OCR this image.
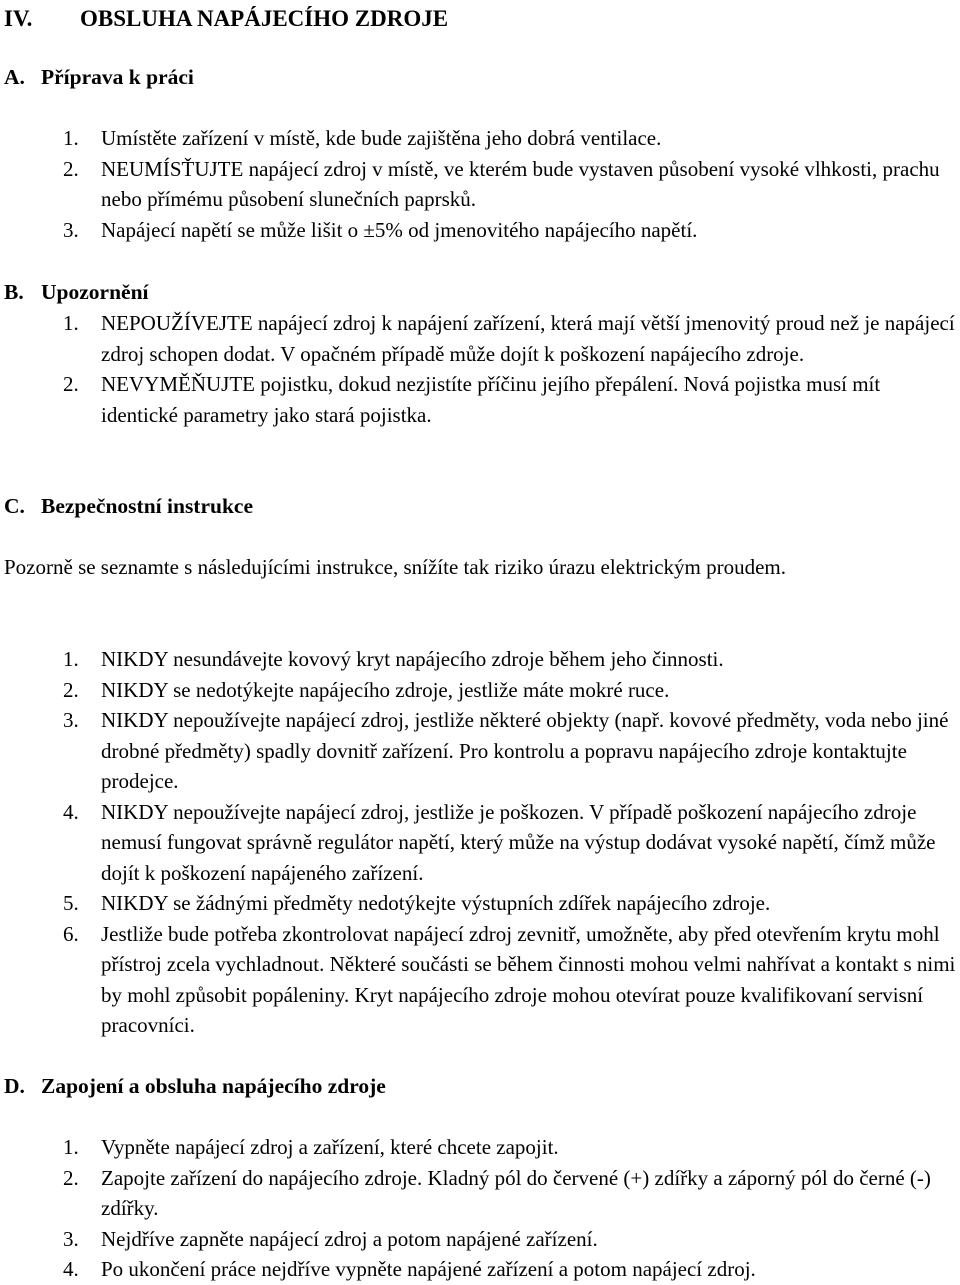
IV. OBSLUHA NAPÁJECÍHO ZDROJE
A. Příprava k práci
1. Umístěte zařízení v místě, kde bude zajištěna jeho dobrá ventilace.
2. NEUMÍSŤUJTE napájecí zdroj v místě, ve kterém bude vystaven působení vysoké vlhkosti, prachu nebo přímému působení slunečních paprsků.
3. Napájecí napětí se může lišit o ±5% od jmenovitého napájecího napětí.
B. Upozornění
1. NEPOUŽÍVEJTE napájecí zdroj k napájení zařízení, která mají větší jmenovitý proud než je napájecí zdroj schopen dodat. V opačném případě může dojít k poškození napájecího zdroje.
2. NEVYMĚŇUJTE pojistku, dokud nezjistíte příčinu jejího přepálení. Nová pojistka musí mít identické parametry jako stará pojistka.
C. Bezpečnostní instrukce
Pozorně se seznamte s následujícími instrukce, snížíte tak riziko úrazu elektrickým proudem.
1. NIKDY nesundávejte kovový kryt napájecího zdroje během jeho činnosti.
2. NIKDY se nedotýkejte napájecího zdroje, jestliže máte mokré ruce.
3. NIKDY nepoužívejte napájecí zdroj, jestliže některé objekty (např. kovové předměty, voda nebo jiné drobné předměty) spadly dovnitř zařízení. Pro kontrolu a popravu napájecího zdroje kontaktujte prodejce.
4. NIKDY nepoužívejte napájecí zdroj, jestliže je poškozen. V případě poškození napájecího zdroje nemusí fungovat správně regulátor napětí, který může na výstup dodávat vysoké napětí, čímž může dojít k poškození napájeného zařízení.
5. NIKDY se žádnými předměty nedotýkejte výstupních zdířek napájecího zdroje.
6. Jestliže bude potřeba zkontrolovat napájecí zdroj zevnitř, umožněte, aby před otevřením krytu mohl přístroj zcela vychladnout. Některé součásti se během činnosti mohou velmi nahřívat a kontakt s nimi by mohl způsobit popáleniny. Kryt napájecího zdroje mohou otevírat pouze kvalifikovaní servisní pracovníci.
D. Zapojení a obsluha napájecího zdroje
1. Vypněte napájecí zdroj a zařízení, které chcete zapojit.
2. Zapojte zařízení do napájecího zdroje. Kladný pól do červené (+) zdířky a záporný pól do černé (-) zdířky.
3. Nejdříve zapněte napájecí zdroj a potom napájené zařízení.
4. Po ukončení práce nejdříve vypněte napájené zařízení a potom napájecí zdroj.
